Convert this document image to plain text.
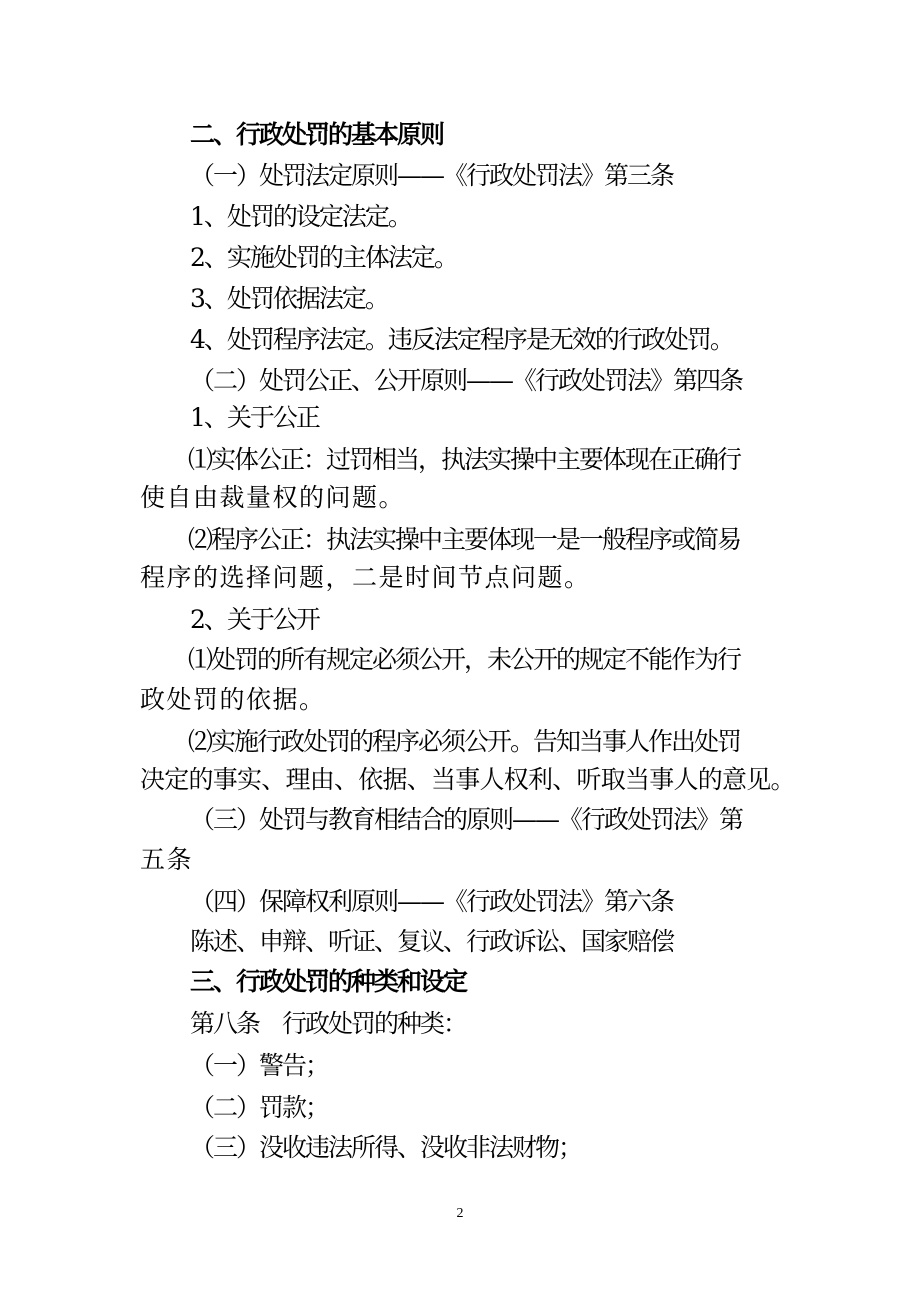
二、行政处罚的基本原则
（一）处罚法定原则——《行政处罚法》第三条
1、处罚的设定法定。
2、实施处罚的主体法定。
3、处罚依据法定。
4、处罚程序法定。违反法定程序是无效的行政处罚。
（二）处罚公正、公开原则——《行政处罚法》第四条
1、关于公正
⑴实体公正：过罚相当，执法实操中主要体现在正确行
使自由裁量权的问题。
⑵程序公正：执法实操中主要体现一是一般程序或简易
程序的选择问题，二是时间节点问题。
2、关于公开
⑴处罚的所有规定必须公开，未公开的规定不能作为行
政处罚的依据。
⑵实施行政处罚的程序必须公开。告知当事人作出处罚
决定的事实、理由、依据、当事人权利、听取当事人的意见。
（三）处罚与教育相结合的原则——《行政处罚法》第
五条
（四）保障权利原则——《行政处罚法》第六条
陈述、申辩、听证、复议、行政诉讼、国家赔偿
三、行政处罚的种类和设定
第八条　行政处罚的种类：
（一）警告；
（二）罚款；
（三）没收违法所得、没收非法财物；
2
